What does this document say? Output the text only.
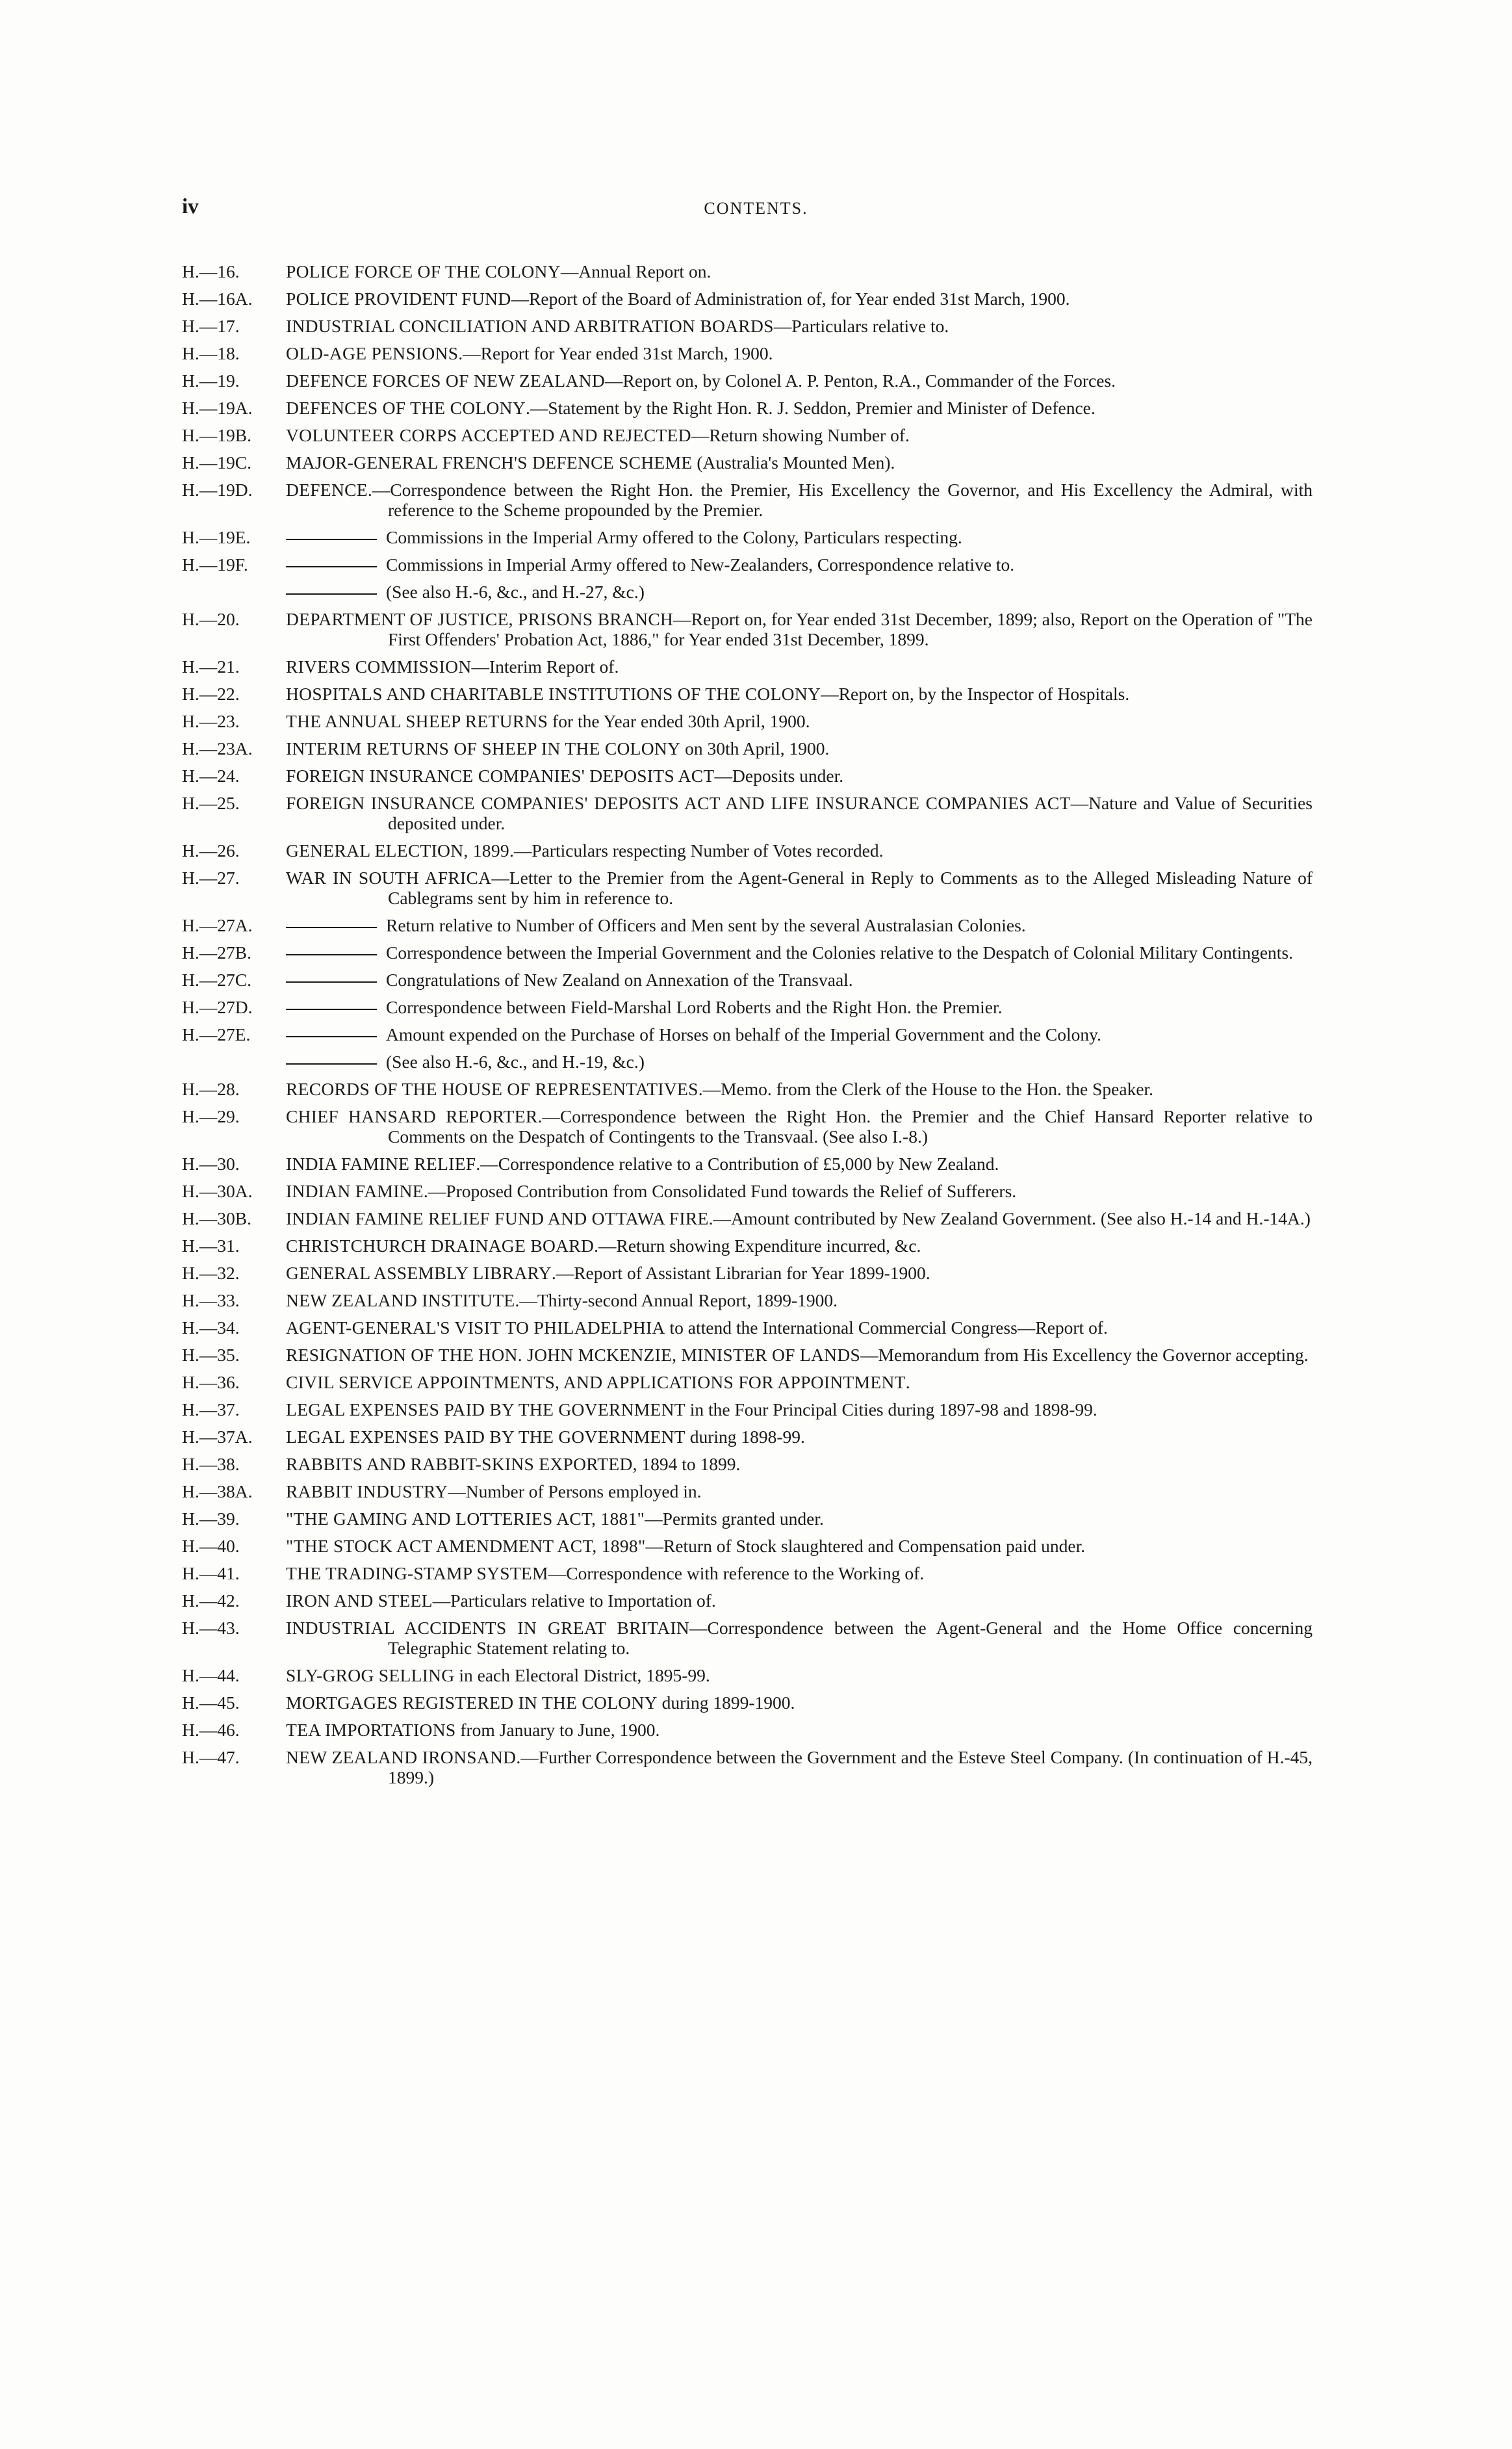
iv	CONTENTS.
H.—16.	POLICE FORCE OF THE COLONY—Annual Report on.
H.—16A. POLICE PROVIDENT FUND—Report of the Board of Administration of, for Year ended 31st March, 1900.
H.—17.	INDUSTRIAL CONCILIATION AND ARBITRATION BOARDS—Particulars relative to.
H.—18.	OLD-AGE PENSIONS.—Report for Year ended 31st March, 1900.
H.—19.	DEFENCE FORCES OF NEW ZEALAND—Report on, by Colonel A. P. Penton, R.A., Commander of the Forces.
H.—19A. DEFENCES OF THE COLONY.—Statement by the Right Hon. R. J. Seddon, Premier and Minister of Defence.
H.—19B. VOLUNTEER CORPS ACCEPTED AND REJECTED—Return showing Number of.
H.—19C. MAJOR-GENERAL FRENCH'S DEFENCE SCHEME (Australia's Mounted Men).
H.—19D. DEFENCE.—Correspondence between the Right Hon. the Premier, His Excellency the Governor, and His Excellency the Admiral, with reference to the Scheme propounded by the Premier.
H.—19E.	Commissions in the Imperial Army offered to the Colony, Particulars respecting.
H.—19F.	Commissions in Imperial Army offered to New-Zealanders, Correspondence relative to.
(See also H.-6, &c., and H.-27, &c.)
H.—20.	DEPARTMENT OF JUSTICE, PRISONS BRANCH—Report on, for Year ended 31st December, 1899; also, Report on the Operation of "The First Offenders' Probation Act, 1886," for Year ended 31st December, 1899.
H.—21.	RIVERS COMMISSION—Interim Report of.
H.—22.	HOSPITALS AND CHARITABLE INSTITUTIONS OF THE COLONY—Report on, by the Inspector of Hospitals.
H.—23.	THE ANNUAL SHEEP RETURNS for the Year ended 30th April, 1900.
H.—23A. INTERIM RETURNS OF SHEEP IN THE COLONY on 30th April, 1900.
H.—24.	FOREIGN INSURANCE COMPANIES' DEPOSITS ACT—Deposits under.
H.—25.	FOREIGN INSURANCE COMPANIES' DEPOSITS ACT AND LIFE INSURANCE COMPANIES ACT—Nature and Value of Securities deposited under.
H.—26.	GENERAL ELECTION, 1899.—Particulars respecting Number of Votes recorded.
H.—27.	WAR IN SOUTH AFRICA—Letter to the Premier from the Agent-General in Reply to Comments as to the Alleged Misleading Nature of Cablegrams sent by him in reference to.
H.—27A.	Return relative to Number of Officers and Men sent by the several Australasian Colonies.
H.—27B.	Correspondence between the Imperial Government and the Colonies relative to the Despatch of Colonial Military Contingents.
H.—27C.	Congratulations of New Zealand on Annexation of the Transvaal.
H.—27D.	Correspondence between Field-Marshal Lord Roberts and the Right Hon. the Premier.
H.—27E.	Amount expended on the Purchase of Horses on behalf of the Imperial Government and the Colony.
(See also H.-6, &c., and H.-19, &c.)
H.—28.	RECORDS OF THE HOUSE OF REPRESENTATIVES.—Memo. from the Clerk of the House to the Hon. the Speaker.
H.—29.	CHIEF HANSARD REPORTER.—Correspondence between the Right Hon. the Premier and the Chief Hansard Reporter relative to Comments on the Despatch of Contingents to the Transvaal. (See also I.-8.)
H.—30.	INDIA FAMINE RELIEF.—Correspondence relative to a Contribution of £5,000 by New Zealand.
H.—30A. INDIAN FAMINE.—Proposed Contribution from Consolidated Fund towards the Relief of Sufferers.
H.—30B. INDIAN FAMINE RELIEF FUND AND OTTAWA FIRE.—Amount contributed by New Zealand Government. (See also H.-14 and H.-14A.)
H.—31.	CHRISTCHURCH DRAINAGE BOARD.—Return showing Expenditure incurred, &c.
H.—32.	GENERAL ASSEMBLY LIBRARY.—Report of Assistant Librarian for Year 1899-1900.
H.—33.	NEW ZEALAND INSTITUTE.—Thirty-second Annual Report, 1899-1900.
H.—34.	AGENT-GENERAL'S VISIT TO PHILADELPHIA to attend the International Commercial Congress—Report of.
H.—35.	RESIGNATION OF THE HON. JOHN MCKENZIE, MINISTER OF LANDS—Memorandum from His Excellency the Governor accepting.
H.—36.	CIVIL SERVICE APPOINTMENTS, AND APPLICATIONS FOR APPOINTMENT.
H.—37.	LEGAL EXPENSES PAID BY THE GOVERNMENT in the Four Principal Cities during 1897-98 and 1898-99.
H.—37A. LEGAL EXPENSES PAID BY THE GOVERNMENT during 1898-99.
H.—38.	RABBITS AND RABBIT-SKINS EXPORTED, 1894 to 1899.
H.—38A. RABBIT INDUSTRY—Number of Persons employed in.
H.—39.	"THE GAMING AND LOTTERIES ACT, 1881"—Permits granted under.
H.—40.	"THE STOCK ACT AMENDMENT ACT, 1898"—Return of Stock slaughtered and Compensation paid under.
H.—41.	THE TRADING-STAMP SYSTEM—Correspondence with reference to the Working of.
H.—42.	IRON AND STEEL—Particulars relative to Importation of.
H.—43.	INDUSTRIAL ACCIDENTS IN GREAT BRITAIN—Correspondence between the Agent-General and the Home Office concerning Telegraphic Statement relating to.
H.—44.	SLY-GROG SELLING in each Electoral District, 1895-99.
H.—45.	MORTGAGES REGISTERED IN THE COLONY during 1899-1900.
H.—46.	TEA IMPORTATIONS from January to June, 1900.
H.—47.	NEW ZEALAND IRONSAND.—Further Correspondence between the Government and the Esteve Steel Company. (In continuation of H.-45, 1899.)
